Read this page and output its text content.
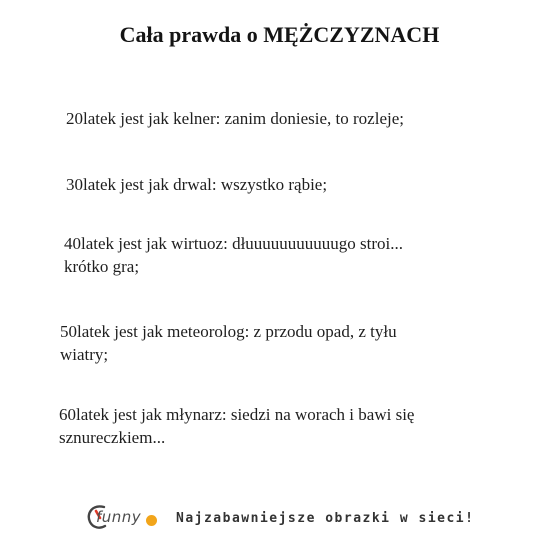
Cała prawda o MĘŻCZYZNACH
20latek jest jak kelner: zanim doniesie, to rozleje;
30latek jest jak drwal: wszystko rąbie;
40latek jest jak wirtuoz: dłuuuuuuuuuuugo stroi...
krótko gra;
50latek jest jak meteorolog: z przodu opad, z tyłu
wiatry;
60latek jest jak młynarz: siedzi na worach i bawi się
sznureczkiem...
funny	Najzabawniejsze obrazki w sieci!
